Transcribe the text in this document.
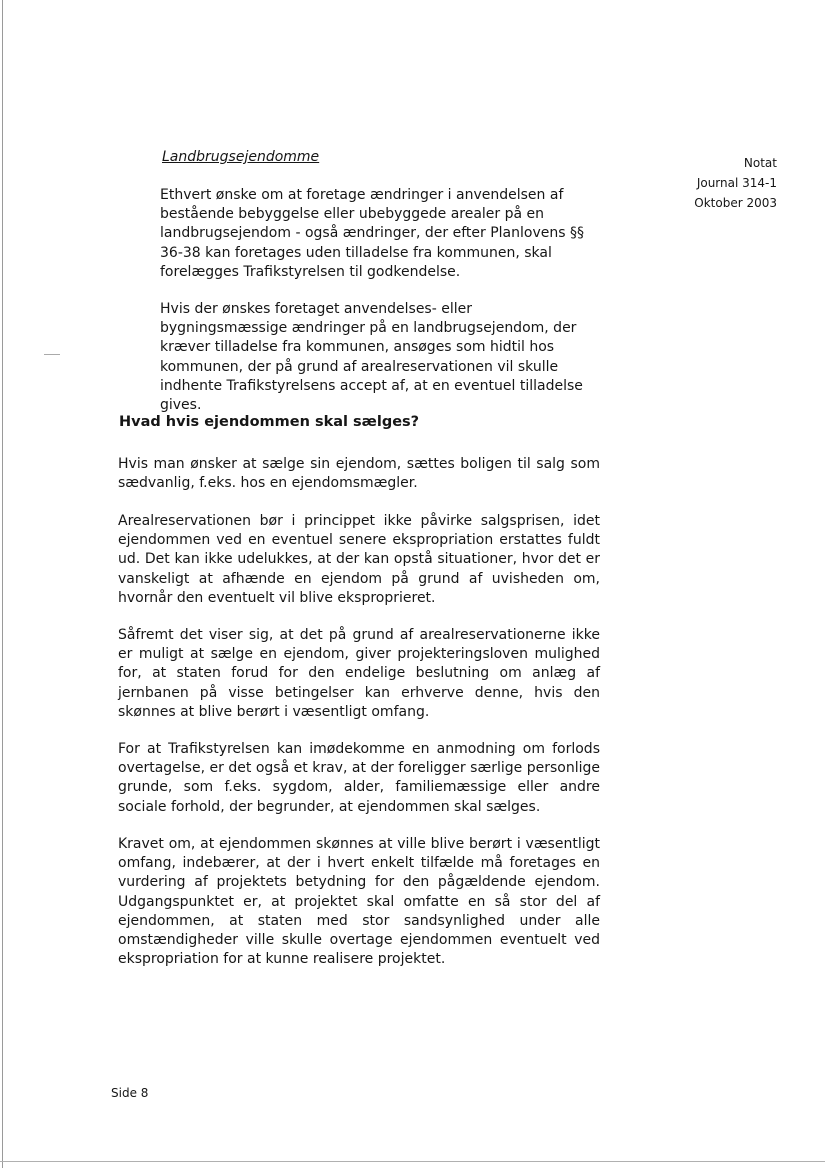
Notat
Journal 314-1
Oktober 2003
Landbrugsejendomme

Ethvert ønske om at foretage ændringer i anvendelsen af bestående bebyggelse eller ubebyggede arealer på en landbrugsejendom - også ændringer, der efter Planlovens §§ 36-38 kan foretages uden tilladelse fra kommunen, skal forelægges Trafikstyrelsen til godkendelse.

Hvis der ønskes foretaget anvendelses- eller bygningsmæssige ændringer på en landbrugsejendom, der kræver tilladelse fra kommunen, ansøges som hidtil hos kommunen, der på grund af arealreservationen vil skulle indhente Trafikstyrelsens accept af, at en eventuel tilladelse gives.

Hvad hvis ejendommen skal sælges?

Hvis man ønsker at sælge sin ejendom, sættes boligen til salg som sædvanlig, f.eks. hos en ejendomsmægler.

Arealreservationen bør i princippet ikke påvirke salgsprisen, idet ejendommen ved en eventuel senere ekspropriation erstattes fuldt ud. Det kan ikke udelukkes, at der kan opstå situationer, hvor det er vanskeligt at afhænde en ejendom på grund af uvisheden om, hvornår den eventuelt vil blive eksproprieret.

Såfremt det viser sig, at det på grund af arealreservationerne ikke er muligt at sælge en ejendom, giver projekteringsloven mulighed for, at staten forud for den endelige beslutning om anlæg af jernbanen på visse betingelser kan erhverve denne, hvis den skønnes at blive berørt i væsentligt omfang.

For at Trafikstyrelsen kan imødekomme en anmodning om forlods overtagelse, er det også et krav, at der foreligger særlige personlige grunde, som f.eks. sygdom, alder, familiemæssige eller andre sociale forhold, der begrunder, at ejendommen skal sælges.

Kravet om, at ejendommen skønnes at ville blive berørt i væsentligt omfang, indebærer, at der i hvert enkelt tilfælde må foretages en vurdering af projektets betydning for den pågældende ejendom. Udgangspunktet er, at projektet skal omfatte en så stor del af ejendommen, at staten med stor sandsynlighed under alle omstændigheder ville skulle overtage ejendommen eventuelt ved ekspropriation for at kunne realisere projektet.

Side 8
